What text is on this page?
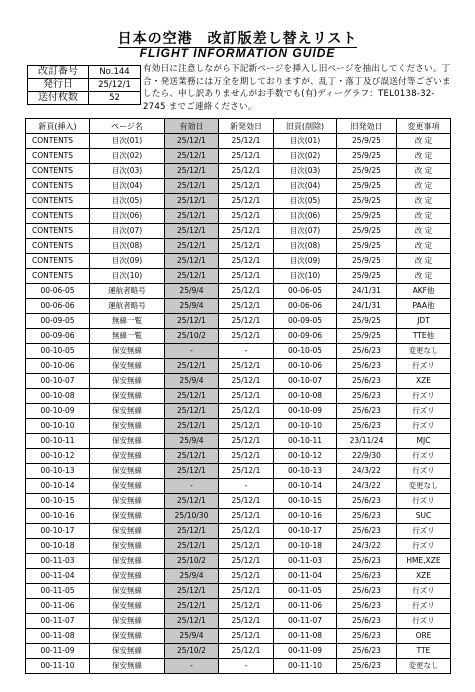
日本の空港　改訂版差し替えリスト
FLIGHT INFORMATION GUIDE
改訂番号	No.144
発行日	25/12/1
送付枚数	52
有効日に注意しながら下記新ページを挿入し旧ページを抽出してください。丁合・発送業務には万全を期しておりますが、乱丁・落丁及び誤送付等ございましたら、申し訳ありませんがお手数でも(有)ディーグラフ：TEL0138-32-2745 までご連絡ください。
新頁(挿入)	ページ名	有効日	新発効日	旧頁(削除)	旧発効日	変更事項
CONTENTS	目次(01)	25/12/1	25/12/1	目次(01)	25/9/25	改 定
CONTENTS	目次(02)	25/12/1	25/12/1	目次(02)	25/9/25	改 定
CONTENTS	目次(03)	25/12/1	25/12/1	目次(03)	25/9/25	改 定
CONTENTS	目次(04)	25/12/1	25/12/1	目次(04)	25/9/25	改 定
CONTENTS	目次(05)	25/12/1	25/12/1	目次(05)	25/9/25	改 定
CONTENTS	目次(06)	25/12/1	25/12/1	目次(06)	25/9/25	改 定
CONTENTS	目次(07)	25/12/1	25/12/1	目次(07)	25/9/25	改 定
CONTENTS	目次(08)	25/12/1	25/12/1	目次(08)	25/9/25	改 定
CONTENTS	目次(09)	25/12/1	25/12/1	目次(09)	25/9/25	改 定
CONTENTS	目次(10)	25/12/1	25/12/1	目次(10)	25/9/25	改 定
00-06-05	運航者略号	25/9/4	25/12/1	00-06-05	24/1/31	AKF他
00-06-06	運航者略号	25/9/4	25/12/1	00-06-06	24/1/31	PAA他
00-09-05	無線一覧	25/12/1	25/12/1	00-09-05	25/9/25	JDT
00-09-06	無線一覧	25/10/2	25/12/1	00-09-06	25/9/25	TTE他
00-10-05	保安無線	-	-	00-10-05	25/6/23	変更なし
00-10-06	保安無線	25/12/1	25/12/1	00-10-06	25/6/23	行ズリ
00-10-07	保安無線	25/9/4	25/12/1	00-10-07	25/6/23	XZE
00-10-08	保安無線	25/12/1	25/12/1	00-10-08	25/6/23	行ズリ
00-10-09	保安無線	25/12/1	25/12/1	00-10-09	25/6/23	行ズリ
00-10-10	保安無線	25/12/1	25/12/1	00-10-10	25/6/23	行ズリ
00-10-11	保安無線	25/9/4	25/12/1	00-10-11	23/11/24	MJC
00-10-12	保安無線	25/12/1	25/12/1	00-10-12	22/9/30	行ズリ
00-10-13	保安無線	25/12/1	25/12/1	00-10-13	24/3/22	行ズリ
00-10-14	保安無線	-	-	00-10-14	24/3/22	変更なし
00-10-15	保安無線	25/12/1	25/12/1	00-10-15	25/6/23	行ズリ
00-10-16	保安無線	25/10/30	25/12/1	00-10-16	25/6/23	SUC
00-10-17	保安無線	25/12/1	25/12/1	00-10-17	25/6/23	行ズリ
00-10-18	保安無線	25/12/1	25/12/1	00-10-18	24/3/22	行ズリ
00-11-03	保安無線	25/10/2	25/12/1	00-11-03	25/6/23	HME,XZE
00-11-04	保安無線	25/9/4	25/12/1	00-11-04	25/6/23	XZE
00-11-05	保安無線	25/12/1	25/12/1	00-11-05	25/6/23	行ズリ
00-11-06	保安無線	25/12/1	25/12/1	00-11-06	25/6/23	行ズリ
00-11-07	保安無線	25/12/1	25/12/1	00-11-07	25/6/23	行ズリ
00-11-08	保安無線	25/9/4	25/12/1	00-11-08	25/6/23	ORE
00-11-09	保安無線	25/10/2	25/12/1	00-11-09	25/6/23	TTE
00-11-10	保安無線	-	-	00-11-10	25/6/23	変更なし
